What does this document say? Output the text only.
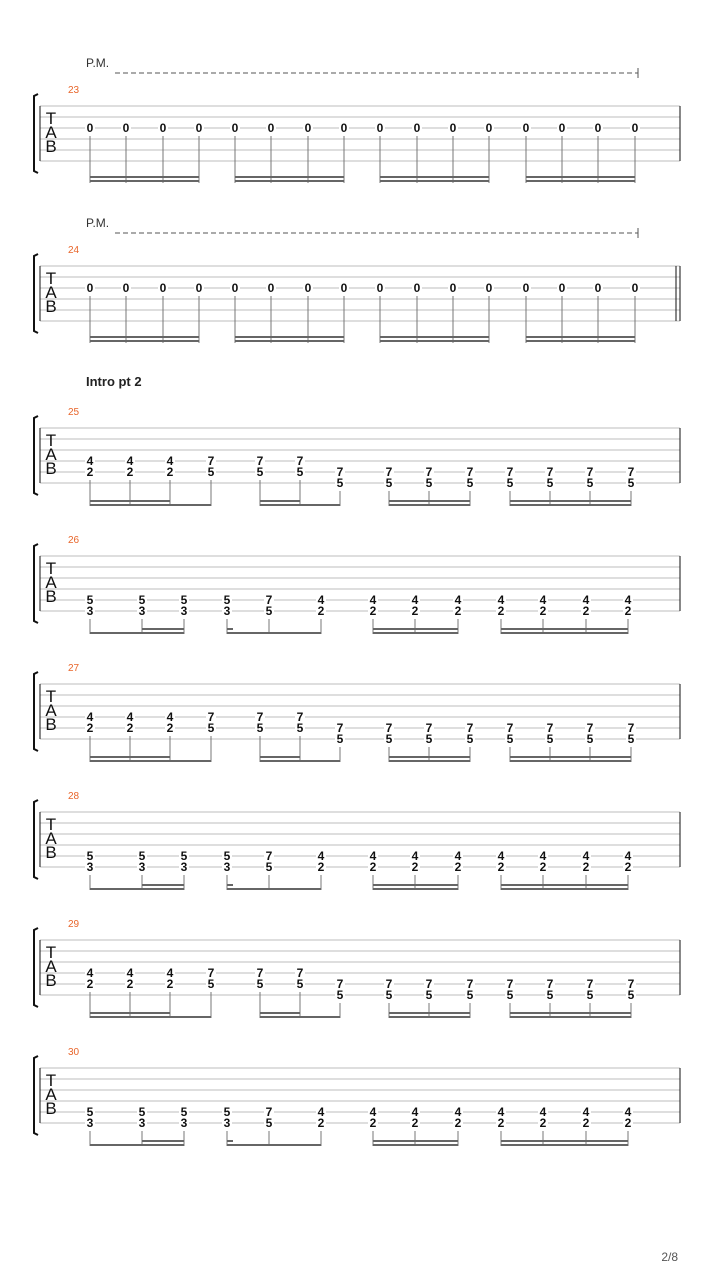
Intro pt 2
2/8
P.M.
P.M.
T
A
B
23
0 0	0 0 0 0	0 0 0	0 0 0	0 0 0	0
T
A
B
24
0 0	0 0 0 0	0 0 0	0 0 0	0 0 0	0
T
A
B
25
4
2
4
2
4
2
7
5
7
5
7
5	7
5
7
5
7
5
7
5
7
5
7
5
7
5
7
5
T
A
B
26
5
3
5
3
5
3
5
3
7
5
4
2
4
2
4
2
4
2
4
2
4
2
4
2
4
2
T
A
B
27
4
2
4
2
4
2
7
5
7
5
7
5	7
5
7
5
7
5
7
5
7
5
7
5
7
5
7
5
T
A
B
28
5
3
5
3
5
3
5
3
7
5
4
2
4
2
4
2
4
2
4
2
4
2
4
2
4
2
T
A
B
29
4
2
4
2
4
2
7
5
7
5
7
5	7
5
7
5
7
5
7
5
7
5
7
5
7
5
7
5
T
A
B
30
5
3
5
3
5
3
5
3
7
5
4
2
4
2
4
2
4
2
4
2
4
2
4
2
4
2
